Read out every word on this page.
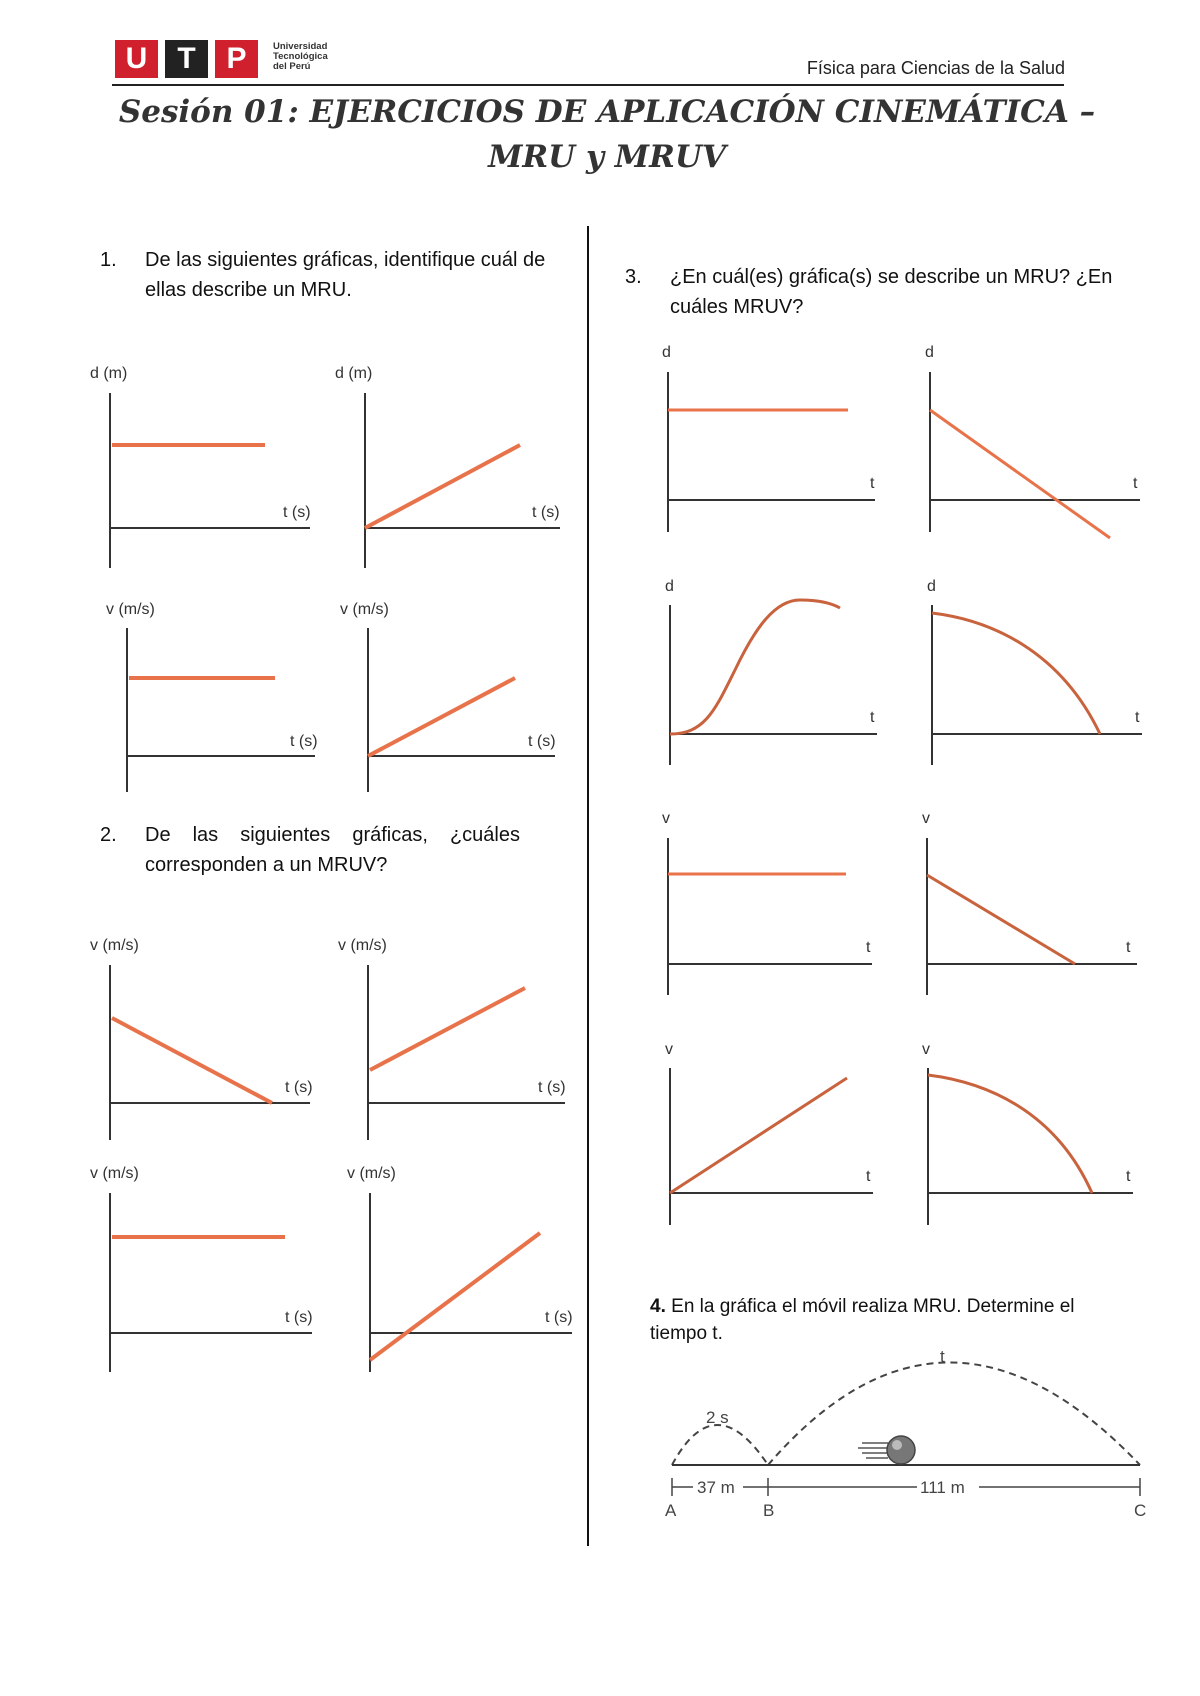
U	T	P	Universidad
Tecnológica
del Perú	Física para Ciencias de la Salud
Sesión 01: EJERCICIOS DE APLICACIÓN CINEMÁTICA –
MRU y MRUV
1. De las siguientes gráficas, identifique cuál de ellas describe un MRU.
2. De las siguientes gráficas, ¿cuáles corresponden a un MRUV?
3. ¿En cuál(es) gráfica(s) se describe un MRU? ¿En cuáles MRUV?
4. En la gráfica el móvil realiza MRU. Determine el tiempo t.
d (m)
t (s)
d (m)
t (s)
v (m/s)
t (s)
v (m/s)
t (s)
v (m/s)
t (s)
v (m/s)
t (s)
v (m/s)
t (s)
v (m/s)
t (s)
d
t
d
t
d
t
d
t
v
t
v
t
v
t
v
t
2 s
t
37 m	111 m
A	B	C
